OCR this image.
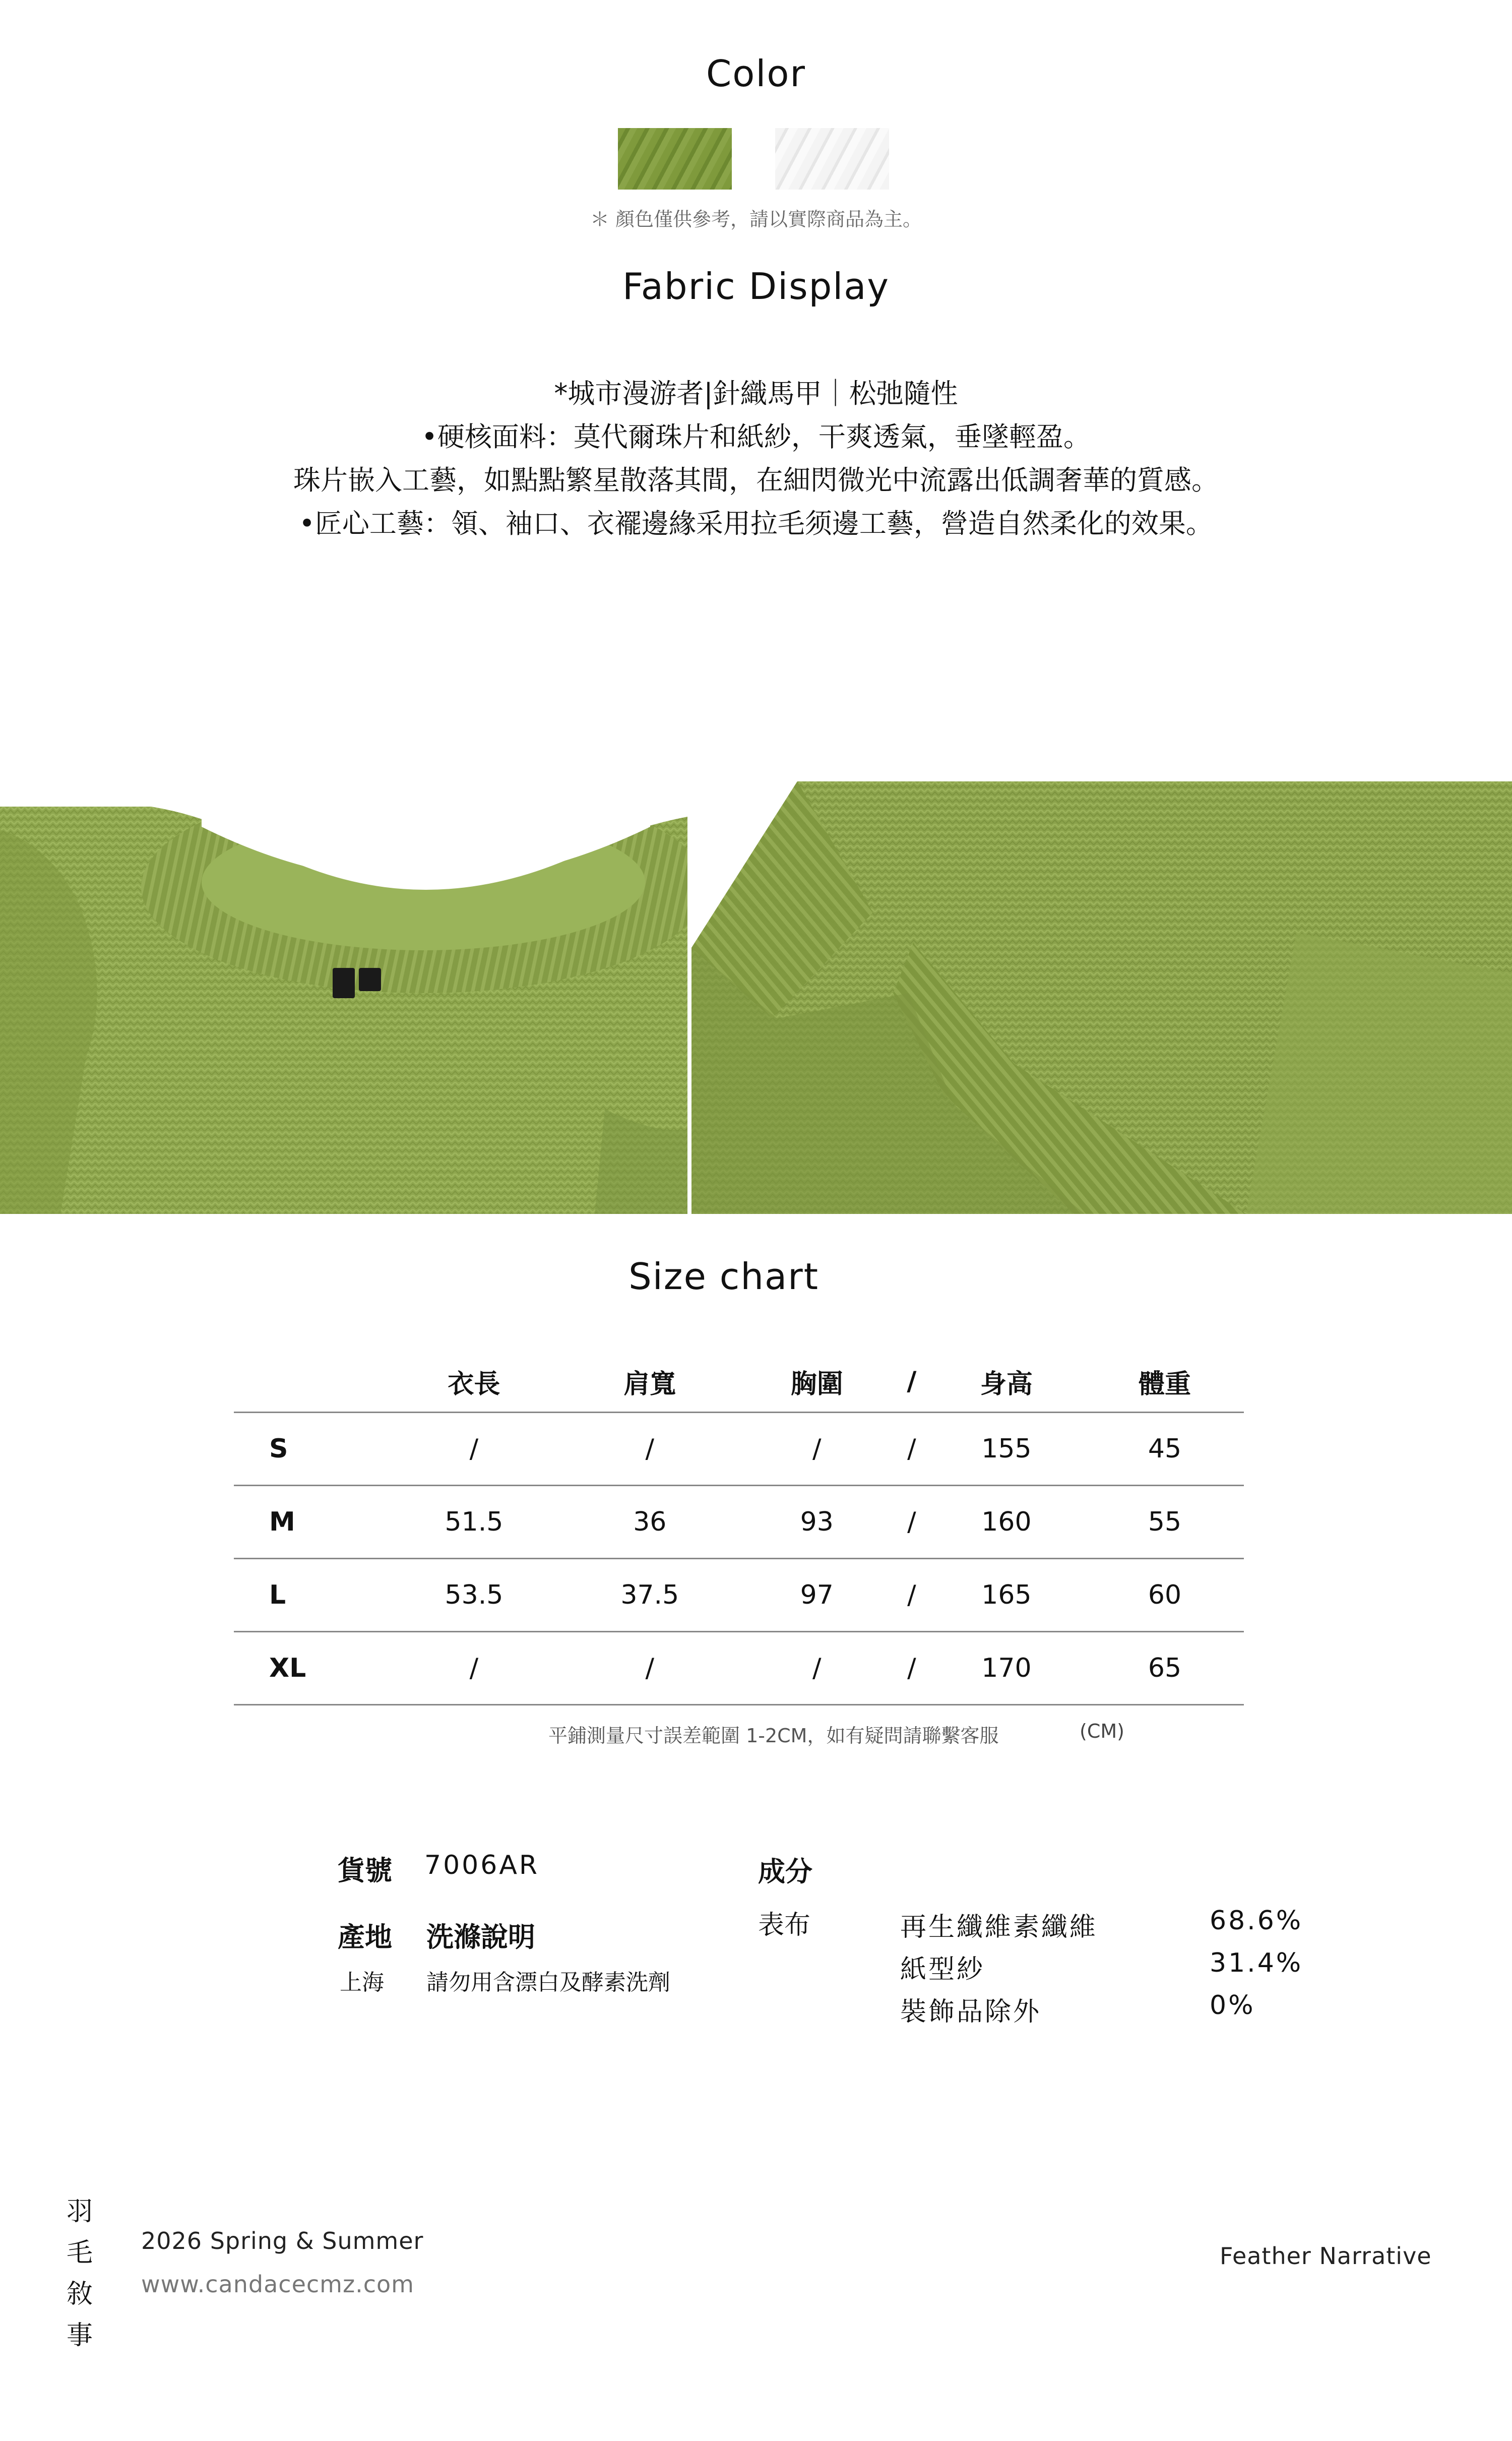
Color
＊ 顏色僅供參考，請以實際商品為主。
Fabric Display
*城市漫游者|針織馬甲｜松弛隨性
•硬核面料：莫代爾珠片和紙紗，干爽透氣，垂墜輕盈。
珠片嵌入工藝，如點點繁星散落其間，在細閃微光中流露出低調奢華的質感。
•匠心工藝：領、袖口、衣襬邊緣采用拉毛须邊工藝，營造自然柔化的效果。
Size chart
	衣長	肩寬	胸圍	/	身高	體重
S	/	/	/	/	155	45
M	51.5	36	93	/	160	55
L	53.5	37.5	97	/	165	60
XL	/	/	/	/	170	65
平鋪測量尺寸誤差範圍 1-2CM，如有疑問請聯繫客服	(CM)
貨號 7006AR
產地 洗滌說明
上海 請勿用含漂白及酵素洗劑
成分
表布	再生纖維素纖維	68.6%
紙型紗	31.4%
裝飾品除外	0%
羽
毛
敘
事
2026 Spring & Summer
www.candacecmz.com
Feather Narrative
